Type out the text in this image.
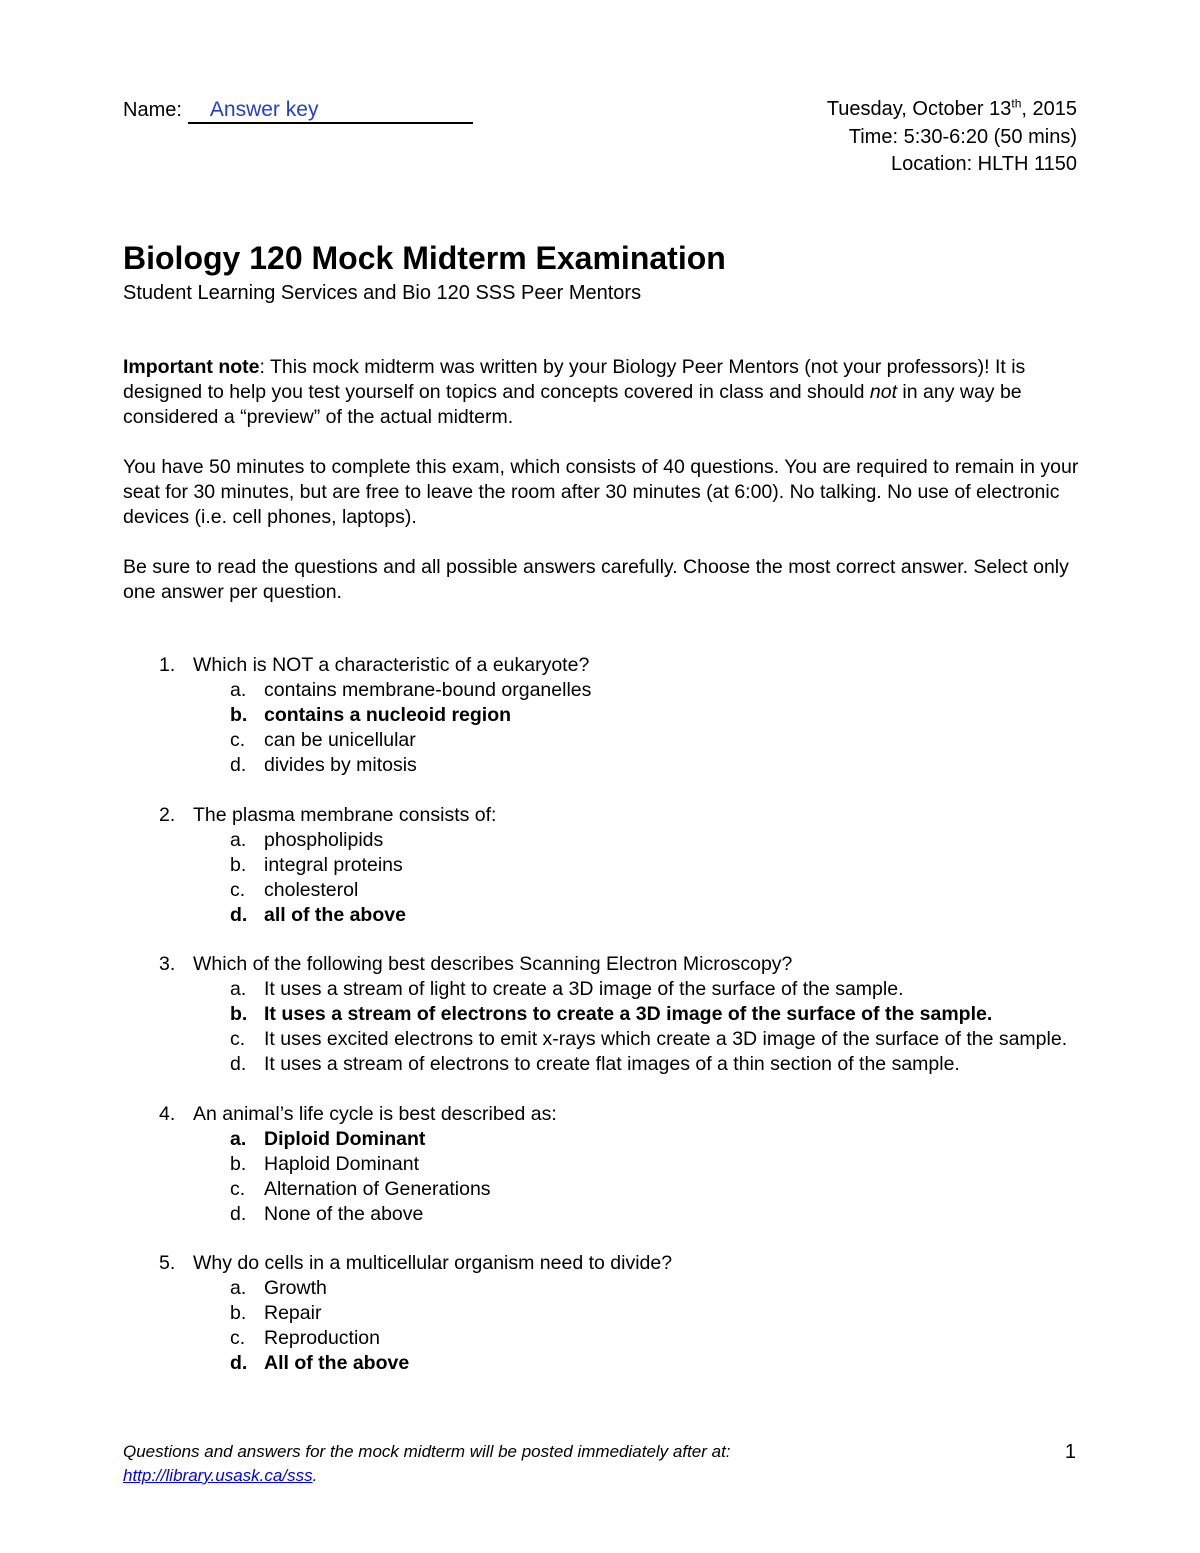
Name: Answer key	Tuesday, October 13th, 2015
Time: 5:30-6:20 (50 mins)
Location: HLTH 1150
Biology 120 Mock Midterm Examination
Student Learning Services and Bio 120 SSS Peer Mentors

Important note: This mock midterm was written by your Biology Peer Mentors (not your professors)! It is designed to help you test yourself on topics and concepts covered in class and should not in any way be considered a “preview” of the actual midterm.

You have 50 minutes to complete this exam, which consists of 40 questions. You are required to remain in your seat for 30 minutes, but are free to leave the room after 30 minutes (at 6:00). No talking. No use of electronic devices (i.e. cell phones, laptops).

Be sure to read the questions and all possible answers carefully. Choose the most correct answer. Select only one answer per question.

1. Which is NOT a characteristic of a eukaryote?
a. contains membrane-bound organelles
b. contains a nucleoid region
c. can be unicellular
d. divides by mitosis
2. The plasma membrane consists of:
a. phospholipids
b. integral proteins
c. cholesterol
d. all of the above
3. Which of the following best describes Scanning Electron Microscopy?
a. It uses a stream of light to create a 3D image of the surface of the sample.
b. It uses a stream of electrons to create a 3D image of the surface of the sample.
c. It uses excited electrons to emit x-rays which create a 3D image of the surface of the sample.
d. It uses a stream of electrons to create flat images of a thin section of the sample.
4. An animal’s life cycle is best described as:
a. Diploid Dominant
b. Haploid Dominant
c. Alternation of Generations
d. None of the above
5. Why do cells in a multicellular organism need to divide?
a. Growth
b. Repair
c. Reproduction
d. All of the above
Questions and answers for the mock midterm will be posted immediately after at:
http://library.usask.ca/sss.
1
